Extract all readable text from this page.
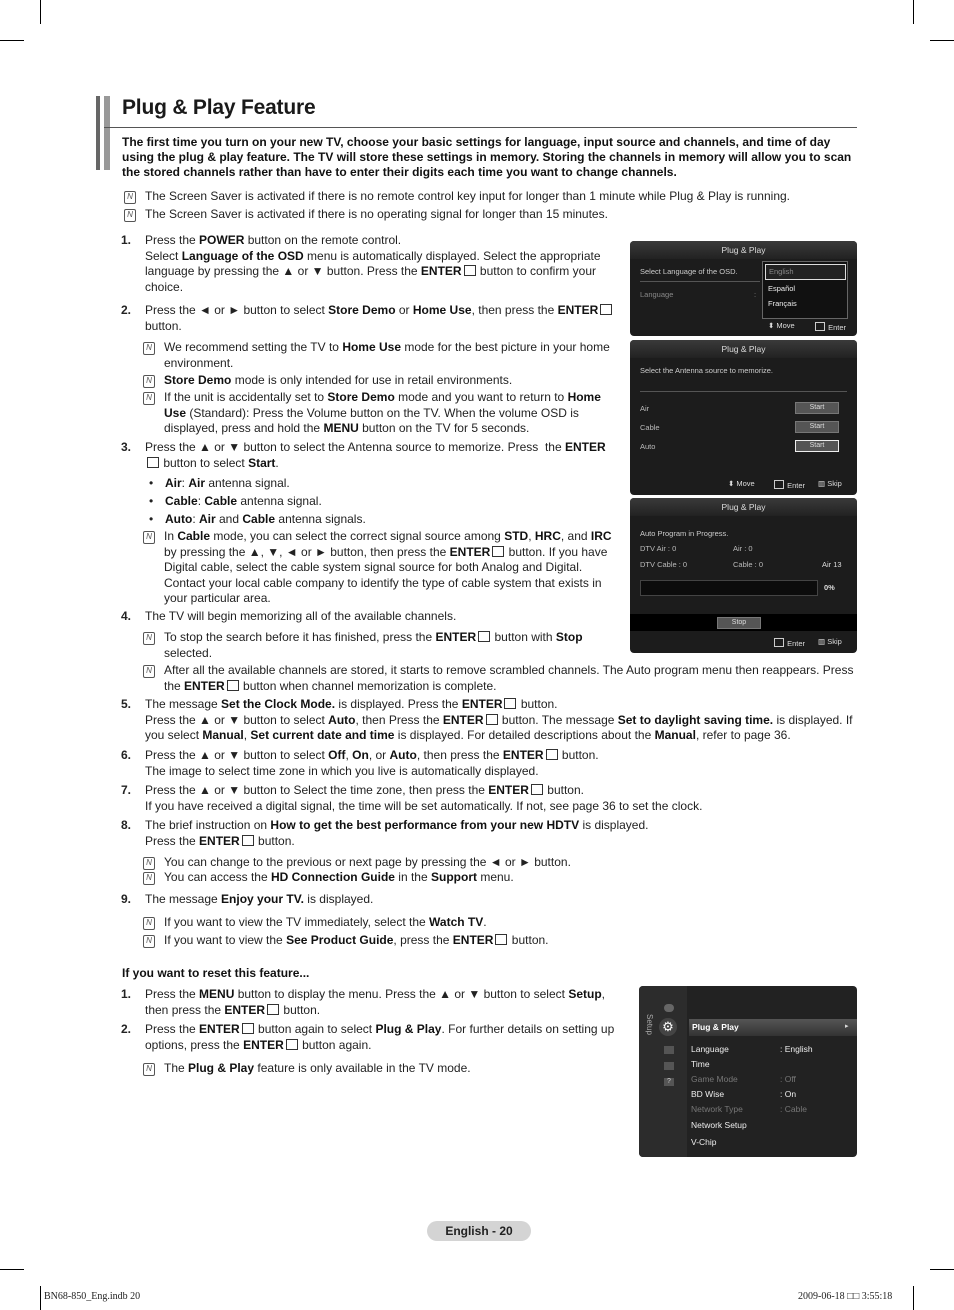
Plug & Play Feature
The first time you turn on your new TV, choose your basic settings for language, input source and channels, and time of day using the plug & play feature. The TV will store these settings in memory. Storing the channels in memory will allow you to scan the stored channels rather than have to enter their digits each time you want to change channels.
N The Screen Saver is activated if there is no remote control key input for longer than 1 minute while Plug & Play is running.
N The Screen Saver is activated if there is no operating signal for longer than 15 minutes.
1. Press the POWER button on the remote control.
Select Language of the OSD menu is automatically displayed. Select the appropriate language by pressing the ▲ or ▼ button. Press the ENTER button to confirm your choice.
2. Press the ◄ or ► button to select Store Demo or Home Use, then press the ENTER button.
N We recommend setting the TV to Home Use mode for the best picture in your home environment.
N Store Demo mode is only intended for use in retail environments.
N If the unit is accidentally set to Store Demo mode and you want to return to Home Use (Standard): Press the Volume button on the TV. When the volume OSD is displayed, press and hold the MENU button on the TV for 5 seconds.
3. Press the ▲ or ▼ button to select the Antenna source to memorize. Press  the ENTER button to select Start.
• Air: Air antenna signal.
• Cable: Cable antenna signal.
• Auto: Air and Cable antenna signals.
N In Cable mode, you can select the correct signal source among STD, HRC, and IRC by pressing the ▲, ▼, ◄ or ► button, then press the ENTER button. If you have Digital cable, select the cable system signal source for both Analog and Digital. Contact your local cable company to identify the type of cable system that exists in your particular area.
4. The TV will begin memorizing all of the available channels.
N To stop the search before it has finished, press the ENTER button with Stop selected.
N After all the available channels are stored, it starts to remove scrambled channels. The Auto program menu then reappears. Press the ENTER button when channel memorization is complete.
5. The message Set the Clock Mode. is displayed. Press the ENTER button.
Press the ▲ or ▼ button to select Auto, then Press the ENTER button. The message Set to daylight saving time. is displayed. If you select Manual, Set current date and time is displayed. For detailed descriptions about the Manual, refer to page 36.
6. Press the ▲ or ▼ button to select Off, On, or Auto, then press the ENTER button.
The image to select time zone in which you live is automatically displayed.
7. Press the ▲ or ▼ button to Select the time zone, then press the ENTER button.
If you have received a digital signal, the time will be set automatically. If not, see page 36 to set the clock.
8. The brief instruction on How to get the best performance from your new HDTV is displayed.
Press the ENTER button.
N You can change to the previous or next page by pressing the ◄ or ► button.
N You can access the HD Connection Guide in the Support menu.
9. The message Enjoy your TV. is displayed.
N If you want to view the TV immediately, select the Watch TV.
N If you want to view the See Product Guide, press the ENTER button.
If you want to reset this feature...
1. Press the MENU button to display the menu. Press the ▲ or ▼ button to select Setup, then press the ENTER button.
2. Press the ENTER button again to select Plug & Play. For further details on setting up options, press the ENTER button again.
N The Plug & Play feature is only available in the TV mode.
Plug & Play
Select Language of the OSD.
Language	:
English
Español
Français
⬍ Move	Enter
Plug & Play
Select the Antenna source to memorize.
Air	Start
Cable	Start
Auto	Start
⬍ Move	Enter ▥ Skip
Plug & Play
Auto Program in Progress.
DTV Air : 0	Air : 0
DTV Cable : 0	Cable : 0	Air 13
0%
Stop
Enter ▥ Skip
Setup ⚙
?
Plug & Play	▸
Language	: English
Time
Game Mode	: Off
BD Wise	: On
Network Type	: Cable
Network Setup
V-Chip
English - 20
BN68-850_Eng.indb 20	2009-06-18 □□ 3:55:18
